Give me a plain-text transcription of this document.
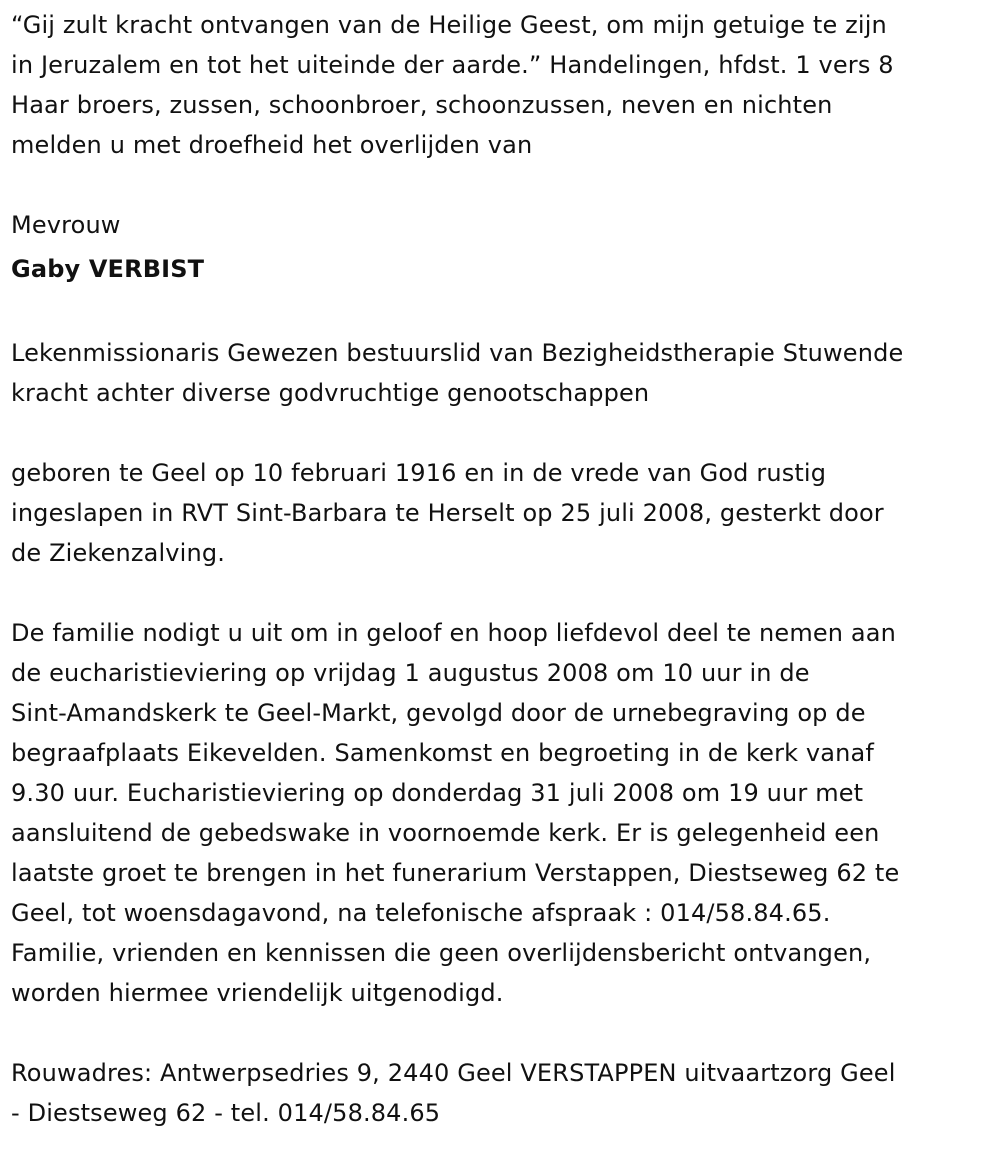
“Gij zult kracht ontvangen van de Heilige Geest, om mijn getuige te zijn
in Jeruzalem en tot het uiteinde der aarde.” Handelingen, hfdst. 1 vers 8
Haar broers, zussen, schoonbroer, schoonzussen, neven en nichten
melden u met droefheid het overlijden van
Mevrouw
Gaby VERBIST
Lekenmissionaris Gewezen bestuurslid van Bezigheidstherapie Stuwende
kracht achter diverse godvruchtige genootschappen
geboren te Geel op 10 februari 1916 en in de vrede van God rustig
ingeslapen in RVT Sint-Barbara te Herselt op 25 juli 2008, gesterkt door
de Ziekenzalving.
De familie nodigt u uit om in geloof en hoop liefdevol deel te nemen aan
de eucharistieviering op vrijdag 1 augustus 2008 om 10 uur in de
Sint-Amandskerk te Geel-Markt, gevolgd door de urnebegraving op de
begraafplaats Eikevelden. Samenkomst en begroeting in de kerk vanaf
9.30 uur. Eucharistieviering op donderdag 31 juli 2008 om 19 uur met
aansluitend de gebedswake in voornoemde kerk. Er is gelegenheid een
laatste groet te brengen in het funerarium Verstappen, Diestseweg 62 te
Geel, tot woensdagavond, na telefonische afspraak : 014/58.84.65.
Familie, vrienden en kennissen die geen overlijdensbericht ontvangen,
worden hiermee vriendelijk uitgenodigd.
Rouwadres: Antwerpsedries 9, 2440 Geel VERSTAPPEN uitvaartzorg Geel
- Diestseweg 62 - tel. 014/58.84.65
